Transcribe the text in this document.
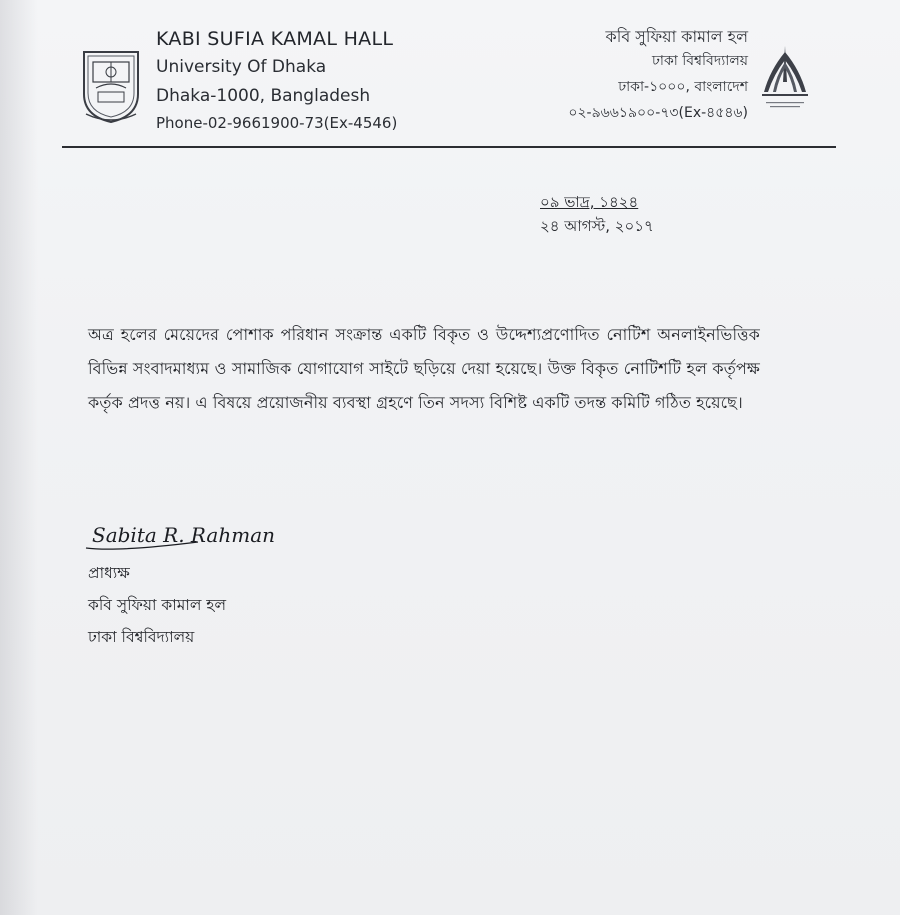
KABI SUFIA KAMAL HALL
University Of Dhaka
Dhaka-1000, Bangladesh
Phone-02-9661900-73(Ex-4546)
কবি সুফিয়া কামাল হল
ঢাকা বিশ্ববিদ্যালয়
ঢাকা-১০০০, বাংলাদেশ
০২-৯৬৬১৯০০-৭৩(Ex-৪৫৪৬)
০৯ ভাদ্র, ১৪২৪
২৪ আগস্ট, ২০১৭

অত্র হলের মেয়েদের পোশাক পরিধান সংক্রান্ত একটি বিকৃত ও উদ্দেশ্যপ্রণোদিত নোটিশ অনলাইনভিত্তিক বিভিন্ন সংবাদমাধ্যম ও সামাজিক যোগাযোগ সাইটে ছড়িয়ে দেয়া হয়েছে। উক্ত বিকৃত নোটিশটি হল কর্তৃপক্ষ কর্তৃক প্রদত্ত নয়। এ বিষয়ে প্রয়োজনীয় ব্যবস্থা গ্রহণে তিন সদস্য বিশিষ্ট একটি তদন্ত কমিটি গঠিত হয়েছে।

Sabita R. Rahman
প্রাধ্যক্ষ
কবি সুফিয়া কামাল হল
ঢাকা বিশ্ববিদ্যালয়
